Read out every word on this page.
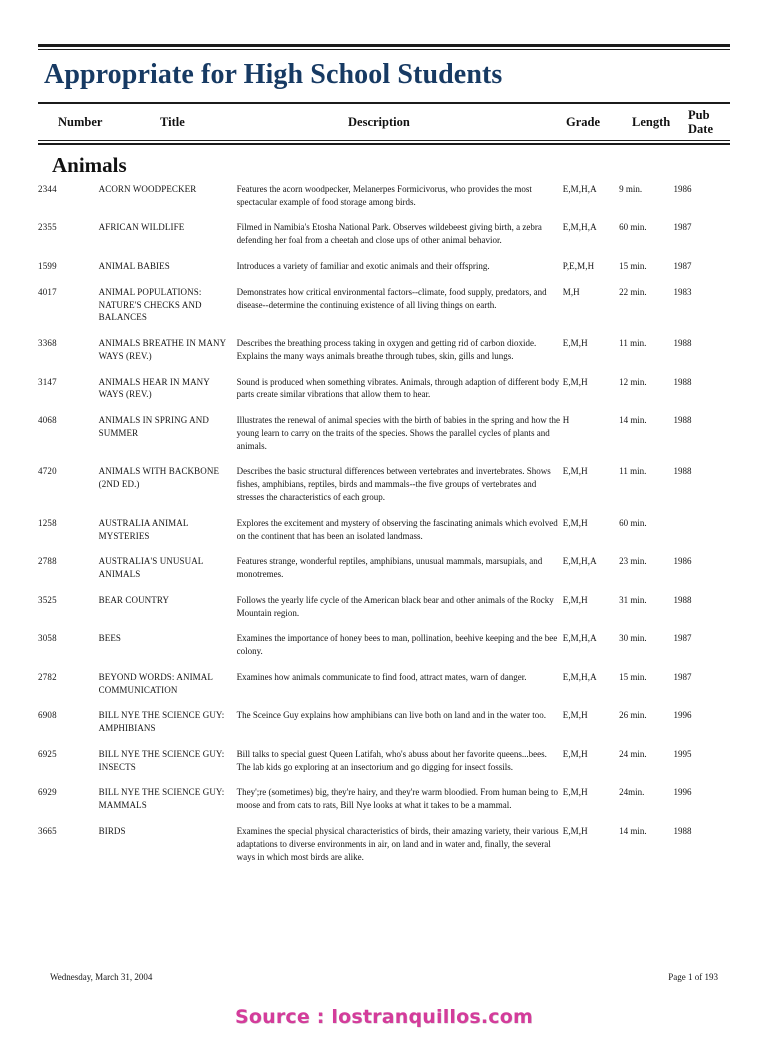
Appropriate for High School Students
Number	Title	Description	Grade	Length Pub
Date
Animals
2344	ACORN WOODPECKER	Features the acorn woodpecker, Melanerpes Formicivorus, who provides the most spectacular example of food storage among birds.	E,M,H,A	9 min.	1986
2355	AFRICAN WILDLIFE	Filmed in Namibia's Etosha National Park. Observes wildebeest giving birth, a zebra defending her foal from a cheetah and close ups of other animal behavior.	E,M,H,A	60 min.	1987
1599	ANIMAL BABIES	Introduces a variety of familiar and exotic animals and their offspring.	P,E,M,H	15 min.	1987
4017	ANIMAL POPULATIONS: NATURE'S CHECKS AND BALANCES	Demonstrates how critical environmental factors--climate, food supply, predators, and disease--determine the continuing existence of all living things on earth.	M,H	22 min.	1983
3368	ANIMALS BREATHE IN MANY WAYS (REV.)	Describes the breathing process taking in oxygen and getting rid of carbon dioxide. Explains the many ways animals breathe through tubes, skin, gills and lungs.	E,M,H	11 min.	1988
3147	ANIMALS HEAR IN MANY WAYS (REV.)	Sound is produced when something vibrates. Animals, through adaption of different body parts create similar vibrations that allow them to hear.	E,M,H	12 min.	1988
4068	ANIMALS IN SPRING AND SUMMER	Illustrates the renewal of animal species with the birth of babies in the spring and how the young learn to carry on the traits of the species. Shows the parallel cycles of plants and animals.	H	14 min.	1988
4720	ANIMALS WITH BACKBONE (2ND ED.)	Describes the basic structural differences between vertebrates and invertebrates. Shows fishes, amphibians, reptiles, birds and mammals--the five groups of vertebrates and stresses the characteristics of each group.	E,M,H	11 min.	1988
1258	AUSTRALIA ANIMAL MYSTERIES	Explores the excitement and mystery of observing the fascinating animals which evolved on the continent that has been an isolated landmass.	E,M,H	60 min.	
2788	AUSTRALIA'S UNUSUAL ANIMALS	Features strange, wonderful reptiles, amphibians, unusual mammals, marsupials, and monotremes.	E,M,H,A	23 min.	1986
3525	BEAR COUNTRY	Follows the yearly life cycle of the American black bear and other animals of the Rocky Mountain region.	E,M,H	31 min.	1988
3058	BEES	Examines the importance of honey bees to man, pollination, beehive keeping and the bee colony.	E,M,H,A	30 min.	1987
2782	BEYOND WORDS: ANIMAL COMMUNICATION	Examines how animals communicate to find food, attract mates, warn of danger.	E,M,H,A	15 min.	1987
6908	BILL NYE THE SCIENCE GUY: AMPHIBIANS	The Sceince Guy explains how amphibians can live both on land and in the water too.	E,M,H	26 min.	1996
6925	BILL NYE THE SCIENCE GUY: INSECTS	Bill talks to special guest Queen Latifah, who's abuss about her favorite queens...bees. The lab kids go exploring at an insectorium and go digging for insect fossils.	E,M,H	24 min.	1995
6929	BILL NYE THE SCIENCE GUY: MAMMALS	They';re (sometimes) big, they're hairy, and they're warm bloodied. From human being to moose and from cats to rats, Bill Nye looks at what it takes to be a mammal.	E,M,H	24min.	1996
3665	BIRDS	Examines the special physical characteristics of birds, their amazing variety, their various adaptations to diverse environments in air, on land and in water and, finally, the several ways in which most birds are alike.	E,M,H	14 min.	1988
Wednesday, March 31, 2004	Page 1 of 193
Source : lostranquillos.com
